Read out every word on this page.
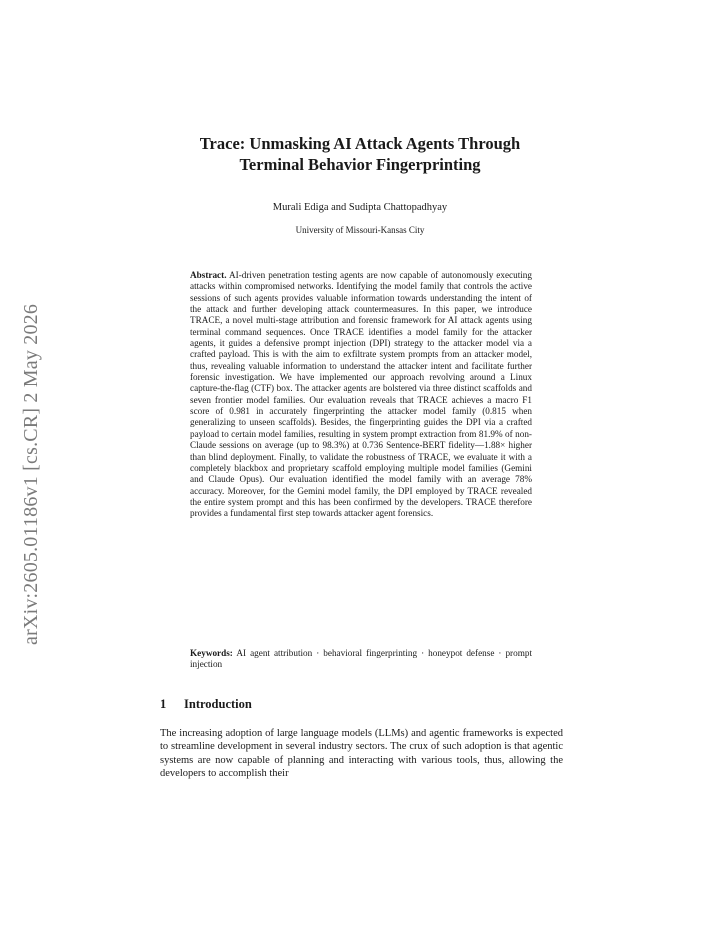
arXiv:2605.01186v1 [cs.CR] 2 May 2026
Trace: Unmasking AI Attack Agents Through
Terminal Behavior Fingerprinting
Murali Ediga and Sudipta Chattopadhyay
University of Missouri-Kansas City
Abstract. AI-driven penetration testing agents are now capable of autonomously executing attacks within compromised networks. Identifying the model family that controls the active sessions of such agents provides valuable information towards understanding the intent of the attack and further developing attack countermeasures. In this paper, we introduce TRACE, a novel multi-stage attribution and forensic framework for AI attack agents using terminal command sequences. Once TRACE identifies a model family for the attacker agents, it guides a defensive prompt injection (DPI) strategy to the attacker model via a crafted payload. This is with the aim to exfiltrate system prompts from an attacker model, thus, revealing valuable information to understand the attacker intent and facilitate further forensic investigation. We have implemented our approach revolving around a Linux capture-the-flag (CTF) box. The attacker agents are bolstered via three distinct scaffolds and seven frontier model families. Our evaluation reveals that TRACE achieves a macro F1 score of 0.981 in accurately fingerprinting the attacker model family (0.815 when generalizing to unseen scaffolds). Besides, the fingerprinting guides the DPI via a crafted payload to certain model families, resulting in system prompt extraction from 81.9% of non-Claude sessions on average (up to 98.3%) at 0.736 Sentence-BERT fidelity—1.88× higher than blind deployment. Finally, to validate the robustness of TRACE, we evaluate it with a completely blackbox and proprietary scaffold employing multiple model families (Gemini and Claude Opus). Our evaluation identified the model family with an average 78% accuracy. Moreover, for the Gemini model family, the DPI employed by TRACE revealed the entire system prompt and this has been confirmed by the developers. TRACE therefore provides a fundamental first step towards attacker agent forensics.
Keywords: AI agent attribution · behavioral fingerprinting · honeypot defense · prompt injection
1 Introduction
The increasing adoption of large language models (LLMs) and agentic frameworks is expected to streamline development in several industry sectors. The crux of such adoption is that agentic systems are now capable of planning and interacting with various tools, thus, allowing the developers to accomplish their
